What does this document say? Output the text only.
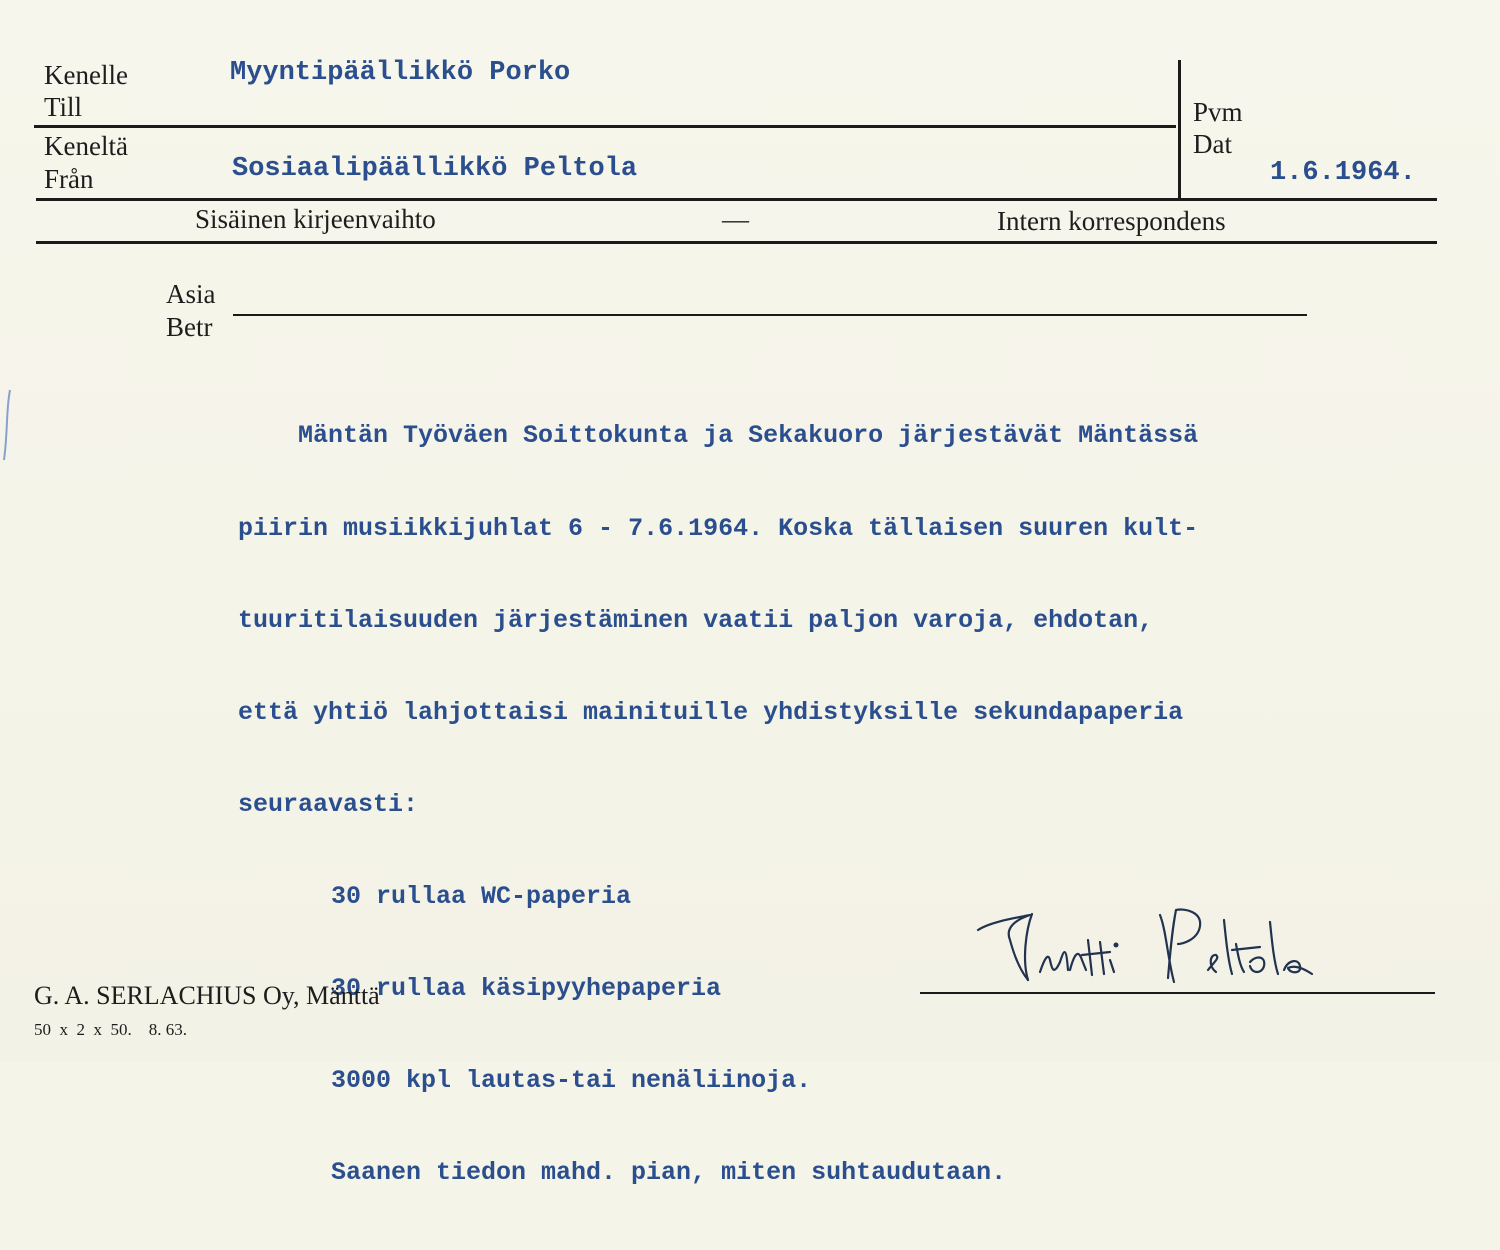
Kenelle
Till
Myyntipäällikkö Porko
Keneltä
Från	Sosiaalipäällikkö Peltola
Pvm
Dat
1.6.1964.
Sisäinen kirjeenvaihto	—	Intern korrespondens
Asia
Betr

Mäntän Työväen Soittokunta ja Sekakuoro järjestävät Mäntässä

piirin musiikkijuhlat 6 - 7.6.1964. Koska tällaisen suuren kult-

tuuritilaisuuden järjestäminen vaatii paljon varoja, ehdotan,

että yhtiö lahjottaisi mainituille yhdistyksille sekundapaperia

seuraavasti:

30 rullaa WC-paperia

30 rullaa käsipyyhepaperia

3000 kpl lautas-tai nenäliinoja.

Saanen tiedon mahd. pian, miten suhtaudutaan.

G. A. SERLACHIUS Oy, Mänttä
50  x  2  x  50.    8. 63.
